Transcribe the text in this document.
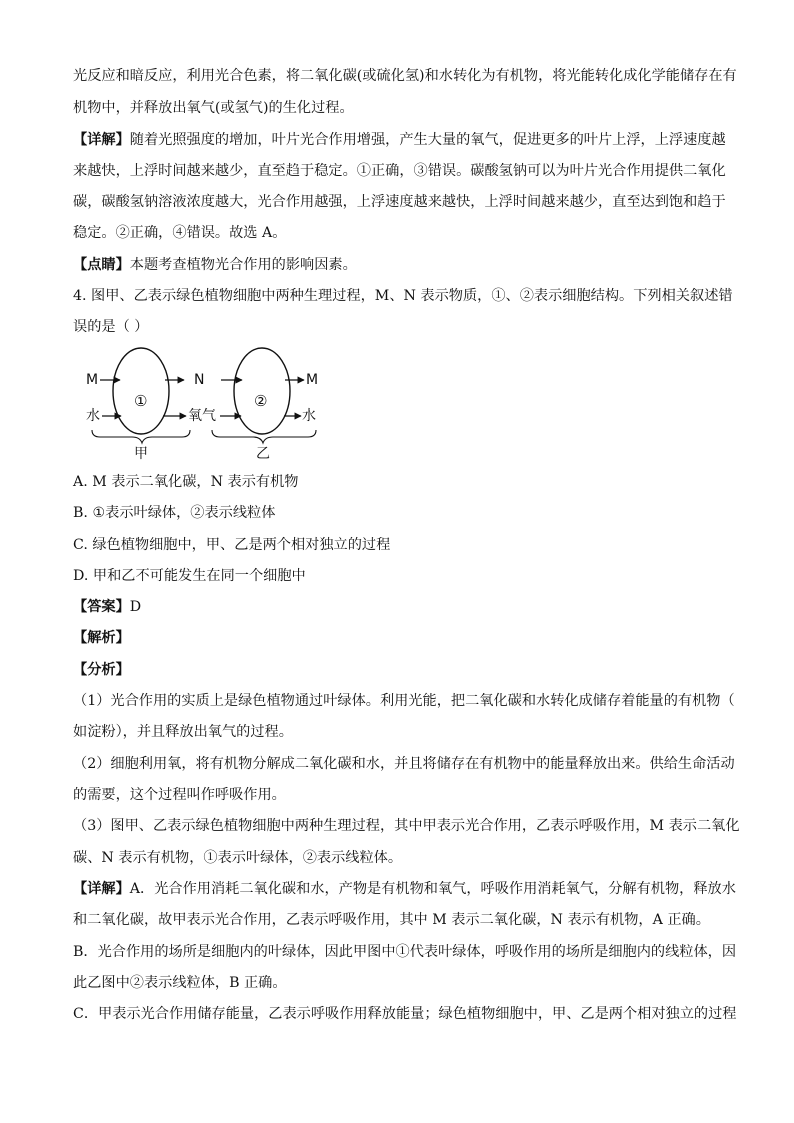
光反应和暗反应，利用光合色素，将二氧化碳(或硫化氢)和水转化为有机物，将光能转化成化学能储存在有
机物中，并释放出氧气(或氢气)的生化过程。
【详解】随着光照强度的增加，叶片光合作用增强，产生大量的氧气，促进更多的叶片上浮，上浮速度越
来越快，上浮时间越来越少，直至趋于稳定。①正确，③错误。碳酸氢钠可以为叶片光合作用提供二氧化
碳，碳酸氢钠溶液浓度越大，光合作用越强，上浮速度越来越快，上浮时间越来越少，直至达到饱和趋于
稳定。②正确，④错误。故选 A。
【点睛】本题考查植物光合作用的影响因素。
4. 图甲、乙表示绿色植物细胞中两种生理过程，M、N 表示物质，①、②表示细胞结构。下列相关叙述错
误的是（ ）
M
水
①
N
氧气
②
M
水
甲	乙
A. M 表示二氧化碳，N 表示有机物
B. ①表示叶绿体，②表示线粒体
C. 绿色植物细胞中，甲、乙是两个相对独立的过程
D. 甲和乙不可能发生在同一个细胞中
【答案】D
【解析】
【分析】
（1）光合作用的实质上是绿色植物通过叶绿体。利用光能，把二氧化碳和水转化成储存着能量的有机物（
如淀粉），并且释放出氧气的过程。
（2）细胞利用氧，将有机物分解成二氧化碳和水，并且将储存在有机物中的能量释放出来。供给生命活动
的需要，这个过程叫作呼吸作用。
（3）图甲、乙表示绿色植物细胞中两种生理过程，其中甲表示光合作用，乙表示呼吸作用，M 表示二氧化
碳、N 表示有机物，①表示叶绿体，②表示线粒体。
【详解】A．光合作用消耗二氧化碳和水，产物是有机物和氧气，呼吸作用消耗氧气，分解有机物，释放水
和二氧化碳，故甲表示光合作用，乙表示呼吸作用，其中 M 表示二氧化碳，N 表示有机物，A 正确。
B．光合作用的场所是细胞内的叶绿体，因此甲图中①代表叶绿体，呼吸作用的场所是细胞内的线粒体，因
此乙图中②表示线粒体，B 正确。
C．甲表示光合作用储存能量，乙表示呼吸作用释放能量；绿色植物细胞中，甲、乙是两个相对独立的过程
